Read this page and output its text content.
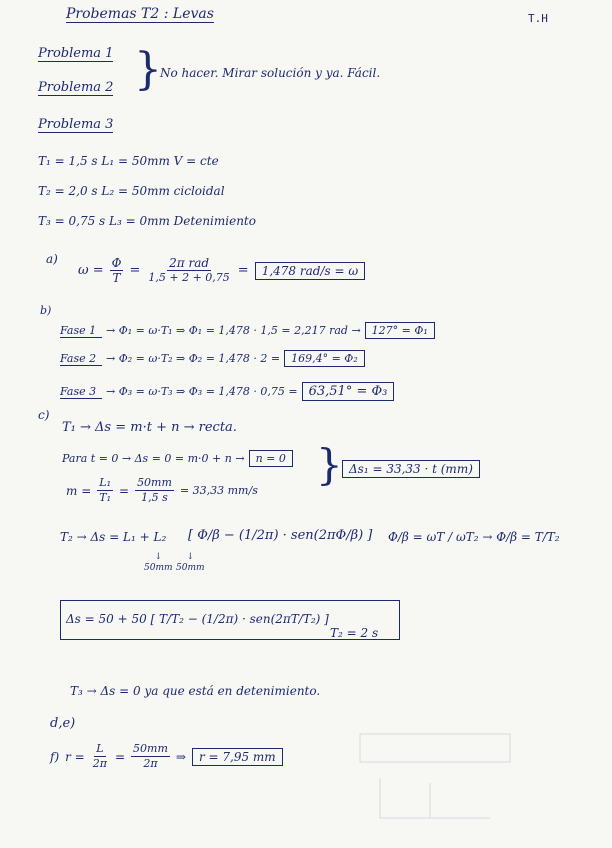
Probemas T2 : Levas	T.H
Problema 1
Problema 2 }
No hacer. Mirar solución y ya. Fácil.
Problema 3
T₁ = 1,5 s L₁ = 50mm V = cte
T₂ = 2,0 s L₂ = 50mm cicloidal
T₃ = 0,75 s L₃ = 0mm Detenimiento
a)
$\omega = \frac{\Phi}{T} = \frac{\text{2π rad}}{1,5 + 2 + 0,75}$ =	1,478 rad/s = ω
b)
Fase 1 → Φ₁ = ω·T₁ ⇒ Φ₁ = 1,478 · 1,5 = 2,217 rad →	127° = Φ₁
Fase 2 → Φ₂ = ω·T₂ ⇒ Φ₂ = 1,478 · 2 =	169,4° = Φ₂
Fase 3 → Φ₃ = ω·T₃ ⇒ Φ₃ = 1,478 · 0,75 = 63,51° = Φ₃
c)
T₁ → Δs = m·t + n → recta.
Para t = 0 → Δs = 0 = m·0 + n →	n = 0
$m = \frac{\text{L₁}}{\text{T₁}} = \frac{50mm}{1,5 s} = 33,33$ mm/s
} Δs₁ = 33,33 · t (mm)
T₂ → Δs = L₁ + L₂ [ Φ/β − (1/2π) · sen(2πΦ/β) ]
↓
50mm
↓
50mm
Φ/β = ωT / ωT₂ → Φ/β = T/T₂
Δs = 50 + 50 [ T/T₂ − (1/2π) · sen(2πT/T₂) ]
T₂ = 2 s
T₃ → Δs = 0 ya que está en detenimiento.
d,e)
f) $r = \frac{L}{2\pi} = \frac{50mm}{2\pi}$ ⇒	r = 7,95 mm
